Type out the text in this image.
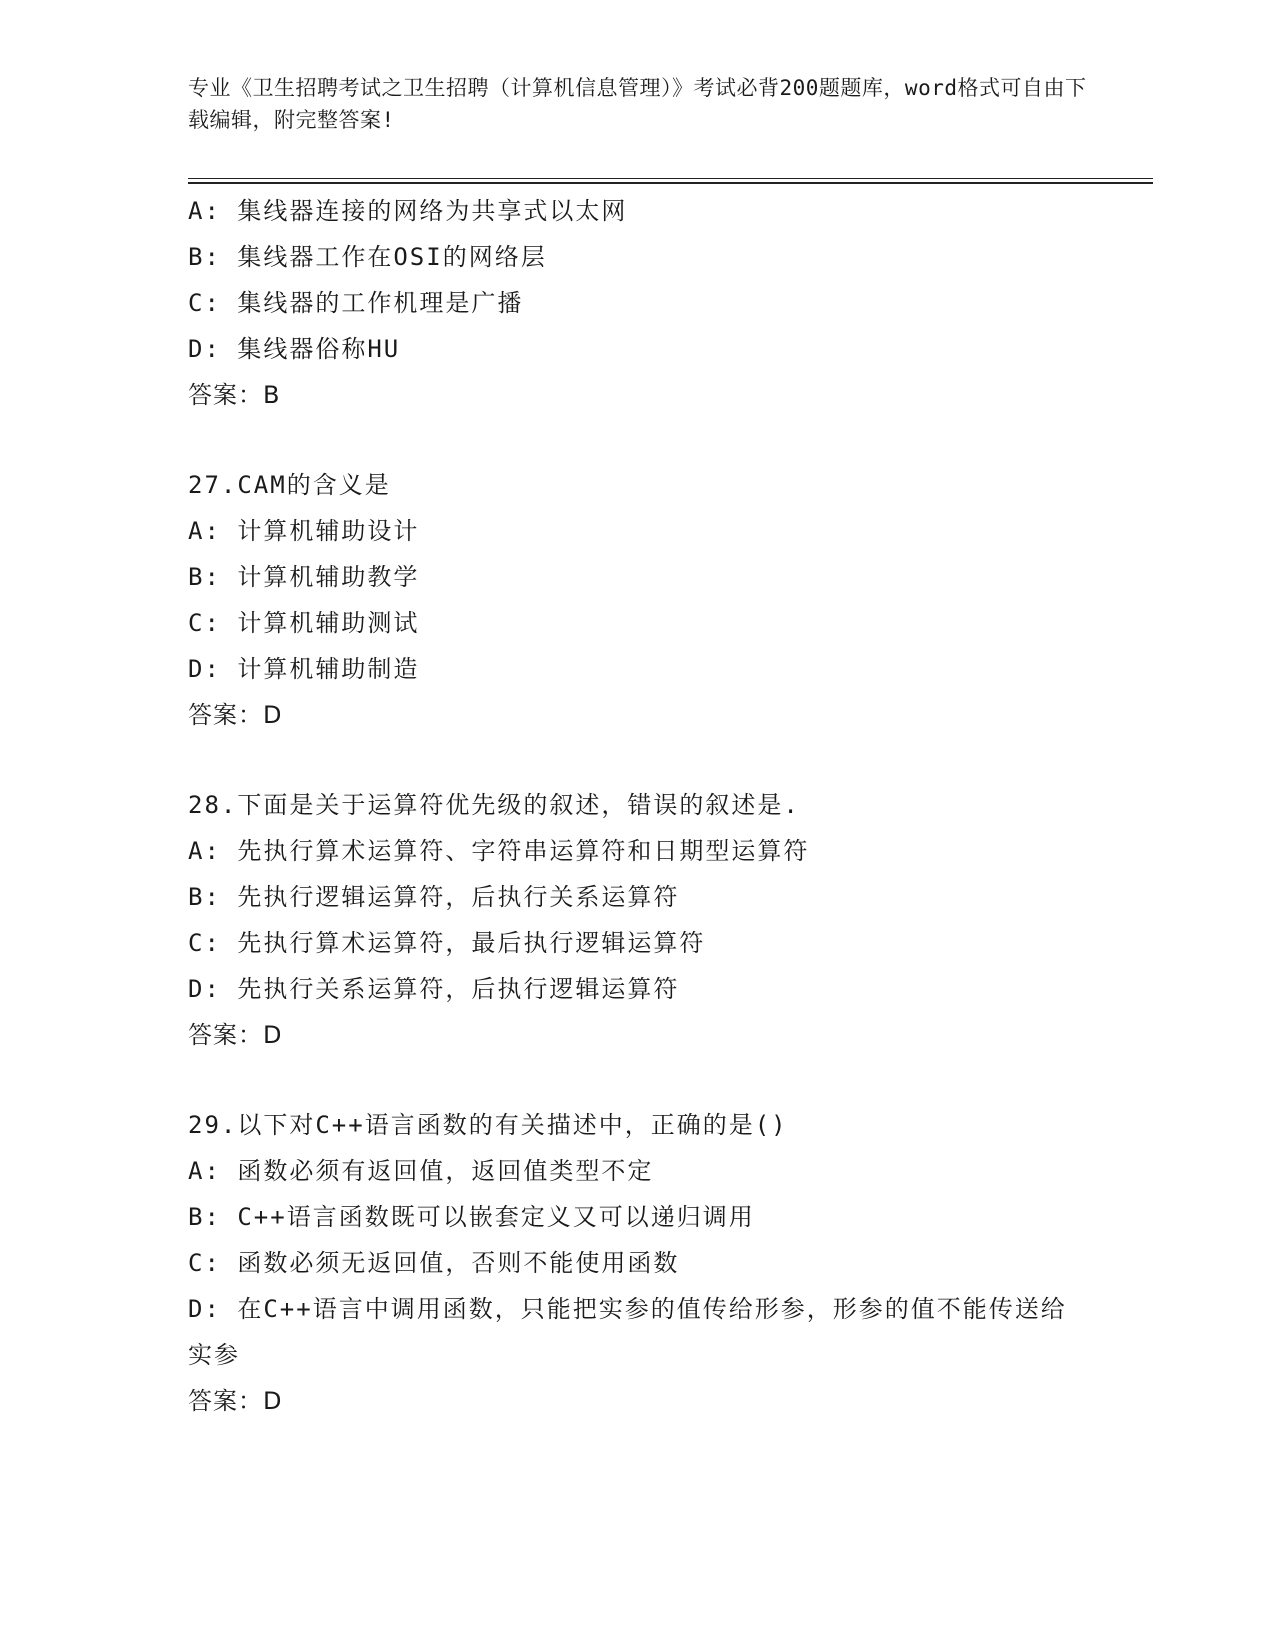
专业《卫生招聘考试之卫生招聘（计算机信息管理）》考试必背200题题库，word格式可自由下载编辑，附完整答案!
A: 集线器连接的网络为共享式以太网
B: 集线器工作在OSI的网络层
C: 集线器的工作机理是广播
D: 集线器俗称HU
答案：B
27.CAM的含义是
A: 计算机辅助设计
B: 计算机辅助教学
C: 计算机辅助测试
D: 计算机辅助制造
答案：D
28.下面是关于运算符优先级的叙述，错误的叙述是.
A: 先执行算术运算符、字符串运算符和日期型运算符
B: 先执行逻辑运算符，后执行关系运算符
C: 先执行算术运算符，最后执行逻辑运算符
D: 先执行关系运算符，后执行逻辑运算符
答案：D
29.以下对C++语言函数的有关描述中，正确的是()
A: 函数必须有返回值，返回值类型不定
B: C++语言函数既可以嵌套定义又可以递归调用
C: 函数必须无返回值，否则不能使用函数
D: 在C++语言中调用函数，只能把实参的值传给形参，形参的值不能传送给实参
答案：D
